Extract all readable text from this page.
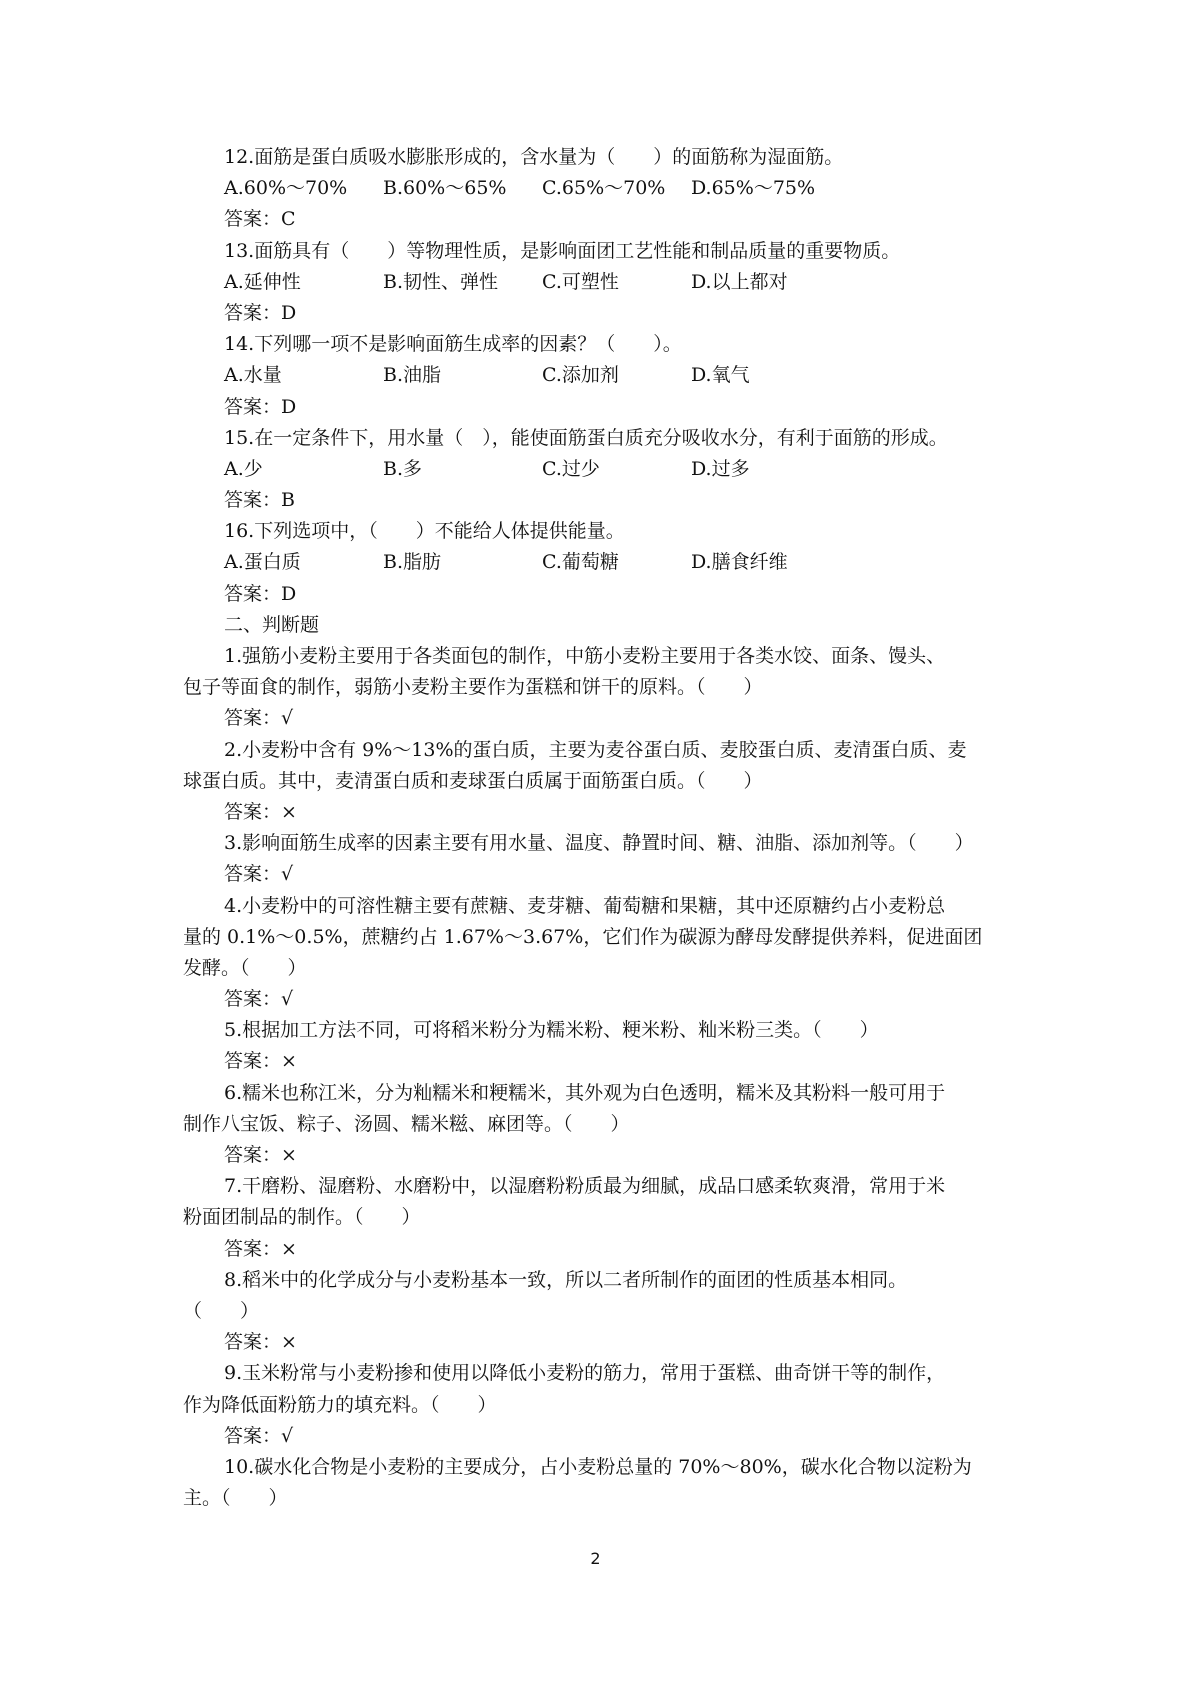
12.面筋是蛋白质吸水膨胀形成的，含水量为（　　）的面筋称为湿面筋。
A.60%～70%	B.60%～65%	C.65%～70%	D.65%～75%
答案：C
13.面筋具有（　　）等物理性质，是影响面团工艺性能和制品质量的重要物质。
A.延伸性	B.韧性、弹性	C.可塑性	D.以上都对
答案：D
14.下列哪一项不是影响面筋生成率的因素？（　　）。
A.水量	B.油脂	C.添加剂	D.氧气
答案：D
15.在一定条件下，用水量（　），能使面筋蛋白质充分吸收水分，有利于面筋的形成。
A.少	B.多	C.过少	D.过多
答案：B
16.下列选项中，（　　）不能给人体提供能量。
A.蛋白质	B.脂肪	C.葡萄糖	D.膳食纤维
答案：D
二、判断题
1.强筋小麦粉主要用于各类面包的制作，中筋小麦粉主要用于各类水饺、面条、馒头、
包子等面食的制作，弱筋小麦粉主要作为蛋糕和饼干的原料。（　　）
答案：√
2.小麦粉中含有 9%～13%的蛋白质，主要为麦谷蛋白质、麦胶蛋白质、麦清蛋白质、麦
球蛋白质。其中，麦清蛋白质和麦球蛋白质属于面筋蛋白质。（　　）
答案：×
3.影响面筋生成率的因素主要有用水量、温度、静置时间、糖、油脂、添加剂等。（　　）
答案：√
4.小麦粉中的可溶性糖主要有蔗糖、麦芽糖、葡萄糖和果糖，其中还原糖约占小麦粉总
量的 0.1%～0.5%，蔗糖约占 1.67%～3.67%，它们作为碳源为酵母发酵提供养料，促进面团
发酵。（　　）
答案：√
5.根据加工方法不同，可将稻米粉分为糯米粉、粳米粉、籼米粉三类。（　　）
答案：×
6.糯米也称江米，分为籼糯米和粳糯米，其外观为白色透明，糯米及其粉料一般可用于
制作八宝饭、粽子、汤圆、糯米糍、麻团等。（　　）
答案：×
7.干磨粉、湿磨粉、水磨粉中，以湿磨粉粉质最为细腻，成品口感柔软爽滑，常用于米
粉面团制品的制作。（　　）
答案：×
8.稻米中的化学成分与小麦粉基本一致，所以二者所制作的面团的性质基本相同。
（　　）
答案：×
9.玉米粉常与小麦粉掺和使用以降低小麦粉的筋力，常用于蛋糕、曲奇饼干等的制作，
作为降低面粉筋力的填充料。（　　）
答案：√
10.碳水化合物是小麦粉的主要成分，占小麦粉总量的 70%～80%，碳水化合物以淀粉为
主。（　　）
2
